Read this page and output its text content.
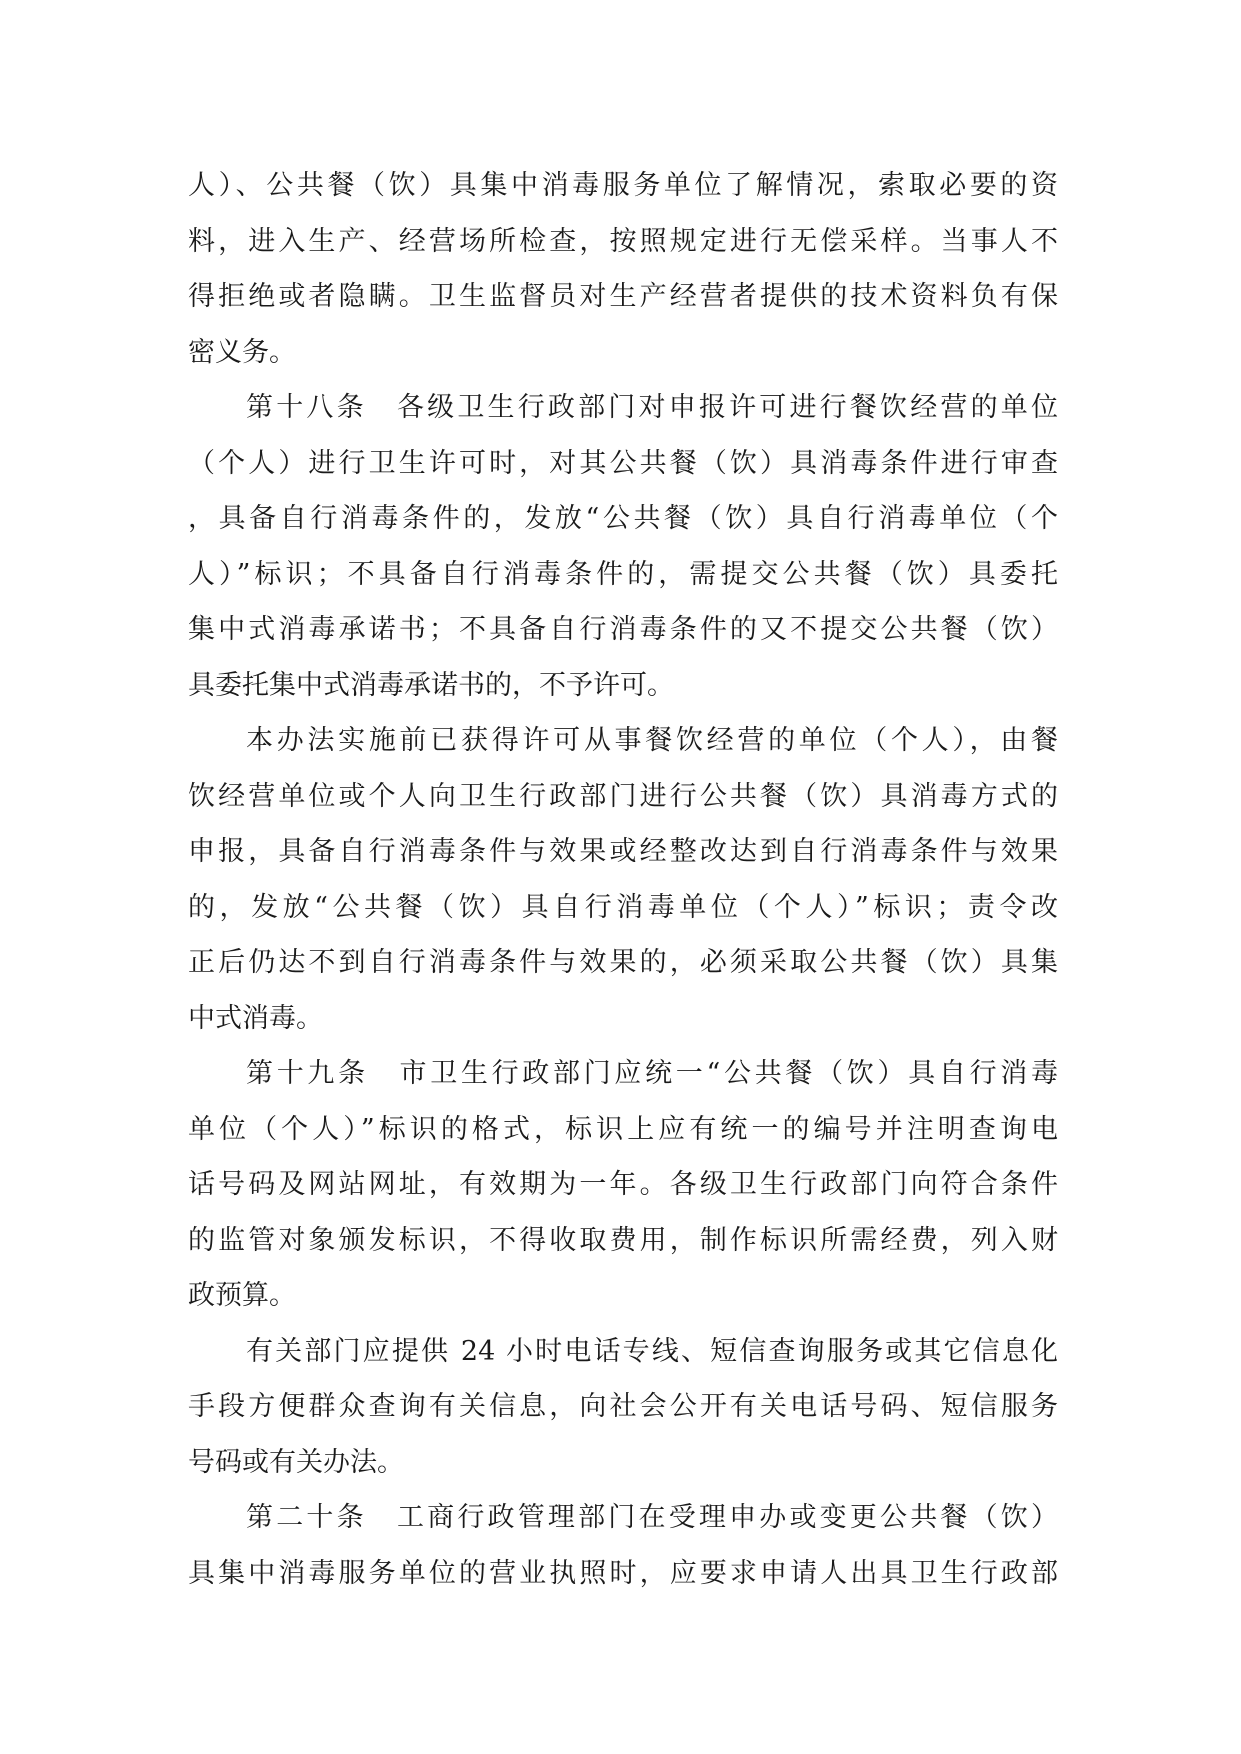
人）、公共餐（饮）具集中消毒服务单位了解情况，索取必要的资
料，进入生产、经营场所检查，按照规定进行无偿采样。当事人不
得拒绝或者隐瞒。卫生监督员对生产经营者提供的技术资料负有保
密义务。
第十八条　各级卫生行政部门对申报许可进行餐饮经营的单位
（个人）进行卫生许可时，对其公共餐（饮）具消毒条件进行审查
，具备自行消毒条件的，发放“公共餐（饮）具自行消毒单位（个
人）”标识；不具备自行消毒条件的，需提交公共餐（饮）具委托
集中式消毒承诺书；不具备自行消毒条件的又不提交公共餐（饮）
具委托集中式消毒承诺书的，不予许可。
本办法实施前已获得许可从事餐饮经营的单位（个人），由餐
饮经营单位或个人向卫生行政部门进行公共餐（饮）具消毒方式的
申报，具备自行消毒条件与效果或经整改达到自行消毒条件与效果
的，发放“公共餐（饮）具自行消毒单位（个人）”标识；责令改
正后仍达不到自行消毒条件与效果的，必须采取公共餐（饮）具集
中式消毒。
第十九条　市卫生行政部门应统一“公共餐（饮）具自行消毒
单位（个人）”标识的格式，标识上应有统一的编号并注明查询电
话号码及网站网址，有效期为一年。各级卫生行政部门向符合条件
的监管对象颁发标识，不得收取费用，制作标识所需经费，列入财
政预算。
有关部门应提供 24 小时电话专线、短信查询服务或其它信息化
手段方便群众查询有关信息，向社会公开有关电话号码、短信服务
号码或有关办法。
第二十条　工商行政管理部门在受理申办或变更公共餐（饮）
具集中消毒服务单位的营业执照时，应要求申请人出具卫生行政部
